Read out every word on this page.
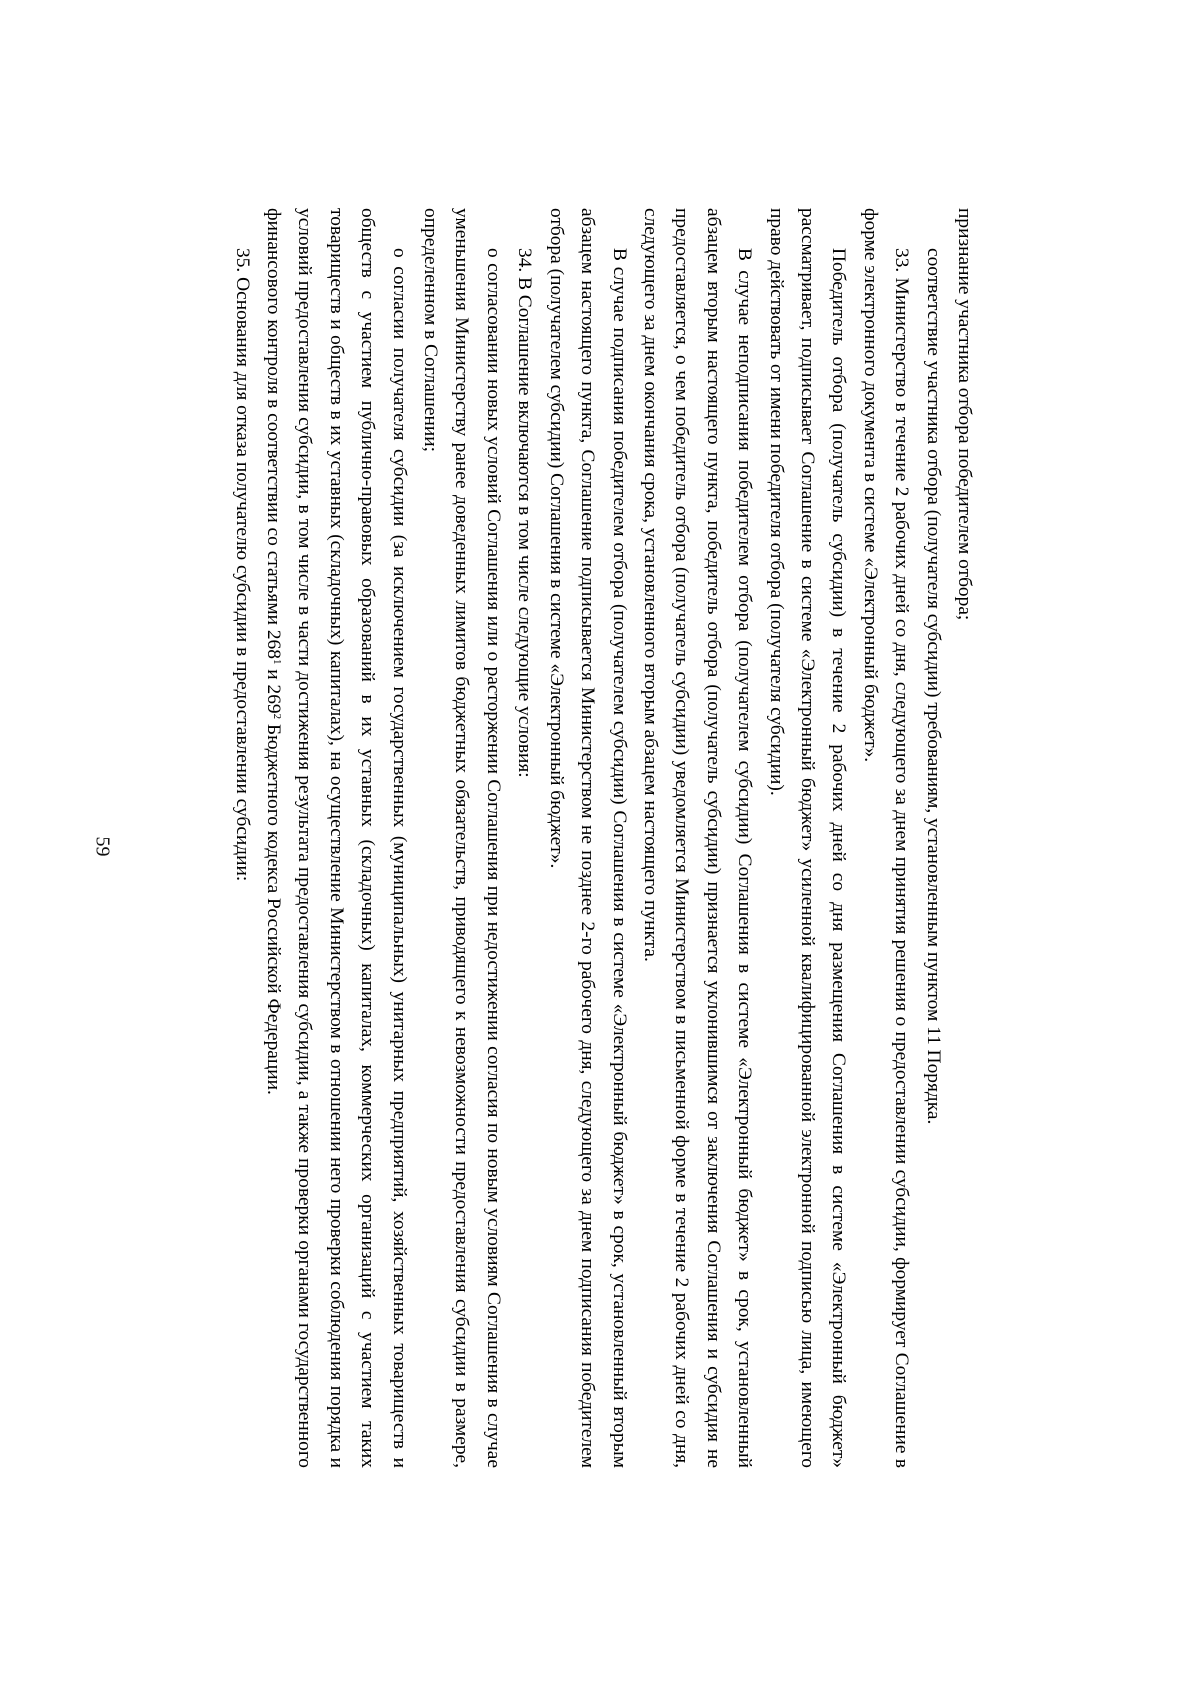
59

признание участника отбора победителем отбора;

соответствие участника отбора (получателя субсидии) требованиям, установленным пунктом 11 Порядка.

33. Министерство в течение 2 рабочих дней со дня, следующего за днем принятия решения о предоставлении субсидии, формирует Соглашение в форме электронного документа в системе «Электронный бюджет».

Победитель отбора (получатель субсидии) в течение 2 рабочих дней со дня размещения Соглашения в системе «Электронный бюджет» рассматривает, подписывает Соглашение в системе «Электронный бюджет» усиленной квалифицированной электронной подписью лица, имеющего право действовать от имени победителя отбора (получателя субсидии).

В случае неподписания победителем отбора (получателем субсидии) Соглашения в системе «Электронный бюджет» в срок, установленный абзацем вторым настоящего пункта, победитель отбора (получатель субсидии) признается уклонившимся от заключения Соглашения и субсидия не предоставляется, о чем победитель отбора (получатель субсидии) уведомляется Министерством в письменной форме в течение 2 рабочих дней со дня, следующего за днем окончания срока, установленного вторым абзацем настоящего пункта.

В случае подписания победителем отбора (получателем субсидии) Соглашения в системе «Электронный бюджет» в срок, установленный вторым абзацем настоящего пункта, Соглашение подписывается Министерством не позднее 2-го рабочего дня, следующего за днем подписания победителем отбора (получателем субсидии) Соглашения в системе «Электронный бюджет».

34. В Соглашение включаются в том числе следующие условия:

о согласовании новых условий Соглашения или о расторжении Соглашения при недостижении согласия по новым условиям Соглашения в случае уменьшения Министерству ранее доведенных лимитов бюджетных обязательств, приводящего к невозможности предоставления субсидии в размере, определенном в Соглашении;

о согласии получателя субсидии (за исключением государственных (муниципальных) унитарных предприятий, хозяйственных товариществ и обществ с участием публично-правовых образований в их уставных (складочных) капиталах, коммерческих организаций с участием таких товариществ и обществ в их уставных (складочных) капиталах), на осуществление Министерством в отношении него проверки соблюдения порядка и условий предоставления субсидии, в том числе в части достижения результата предоставления субсидии, а также проверки органами государственного финансового контроля в соответствии со статьями $268^1$ и $269^2$ Бюджетного кодекса Российской Федерации.

35. Основания для отказа получателю субсидии в предоставлении субсидии:
